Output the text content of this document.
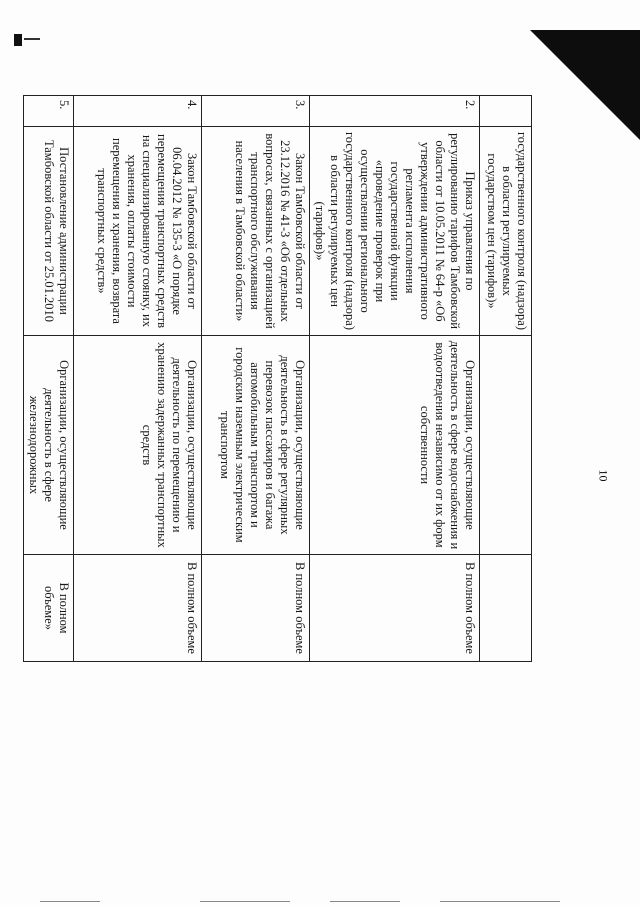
10
	государственного контроля (надзора) в области регулируемых государством цен (тарифов)»		
2.	Приказ управления по регулированию тарифов Тамбовской области от 10.05.2011 № 64-р «Об утверждении административного регламента исполнения государственной функции «проведение проверок при осуществлении регионального государственного контроля (надзора) в области регулируемых цен (тарифов)»	Организации, осуществляющие деятельность в сфере водоснабжения и водоотведения независимо от их форм собственности	В полном объеме
3.	Закон Тамбовской области от 23.12.2016 № 41-З «Об отдельных вопросах, связанных с организацией транспортного обслуживания населения в Тамбовской области»	Организации, осуществляющие деятельность в сфере регулярных перевозок пассажиров и багажа автомобильным транспортом и городским наземным электрическим транспортом	В полном объеме
4.	Закон Тамбовской области от 06.04.2012 № 135-З «О порядке перемещения транспортных средств на специализированную стоянку, их хранения, оплаты стоимости перемещения и хранения, возврата транспортных средств»	Организации, осуществляющие деятельность по перемещению и хранению задержанных транспортных средств	В полном объеме
5.	Постановление администрации Тамбовской области от 25.01.2010	Организации, осуществляющие деятельность в сфере железнодорожных	В полном объеме»
